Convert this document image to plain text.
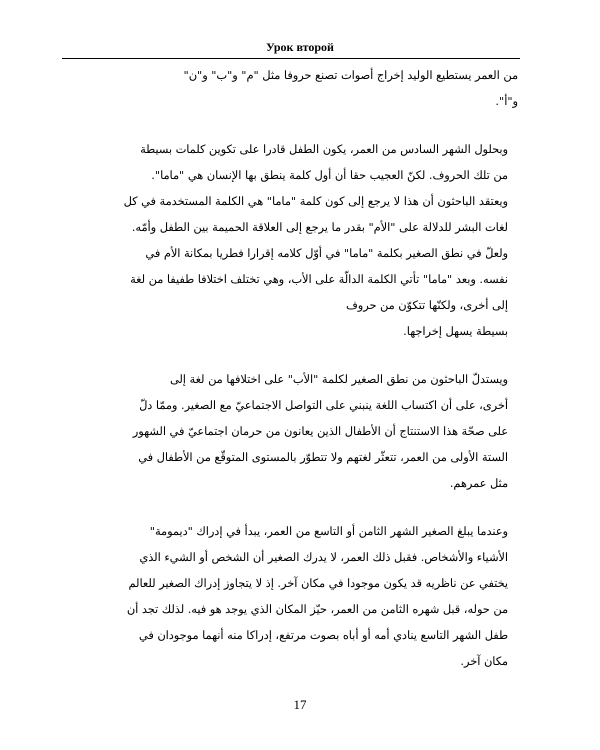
Урок второй

من العمر يستطيع الوليد إخراج أصوات تصنع حروفا مثل "م" و"ب" و"ن"
و"أ".

وبحلول الشهر السادس من العمر، يكون الطفل قادرا على تكوين كلمات بسيطة
من تلك الحروف. لكنّ العجيب حقا أن أول كلمة ينطق بها الإنسان هي "ماما".
ويعتقد الباحثون أن هذا لا يرجع إلى كون كلمة "ماما" هي الكلمة المستخدمة في كل
لغات البشر للدلالة على "الأم" بقدر ما يرجع إلى العلاقة الحميمة بين الطفل وأمّه.
ولعلّ في نطق الصغير بكلمة "ماما" في أوّل كلامه إقرارا فطريا بمكانة الأم في
نفسه. وبعد "ماما" تأتي الكلمة الدالّة على الأب، وهي تختلف اختلافا طفيفا من لغة
إلى أخرى، ولكنّها تتكوّن من حروف
بسيطة يسهل إخراجها.

ويستدلّ الباحثون من نطق الصغير لكلمة "الأب" على اختلافها من لغة إلى
أخرى، على أن اكتساب اللغة ينبني على التواصل الاجتماعيّ مع الصغير. وممّا دلّ
على صحّة هذا الاستنتاج أن الأطفال الذين يعانون من حرمان اجتماعيّ في الشهور
الستة الأولى من العمر، تتعثّر لغتهم ولا تتطوّر بالمستوى المتوقّع من الأطفال في
مثل عمرهم.

وعندما يبلغ الصغير الشهر الثامن أو التاسع من العمر، يبدأ في إدراك "ديمومة"
الأشياء والأشخاص. فقبل ذلك العمر، لا يدرك الصغير أن الشخص أو الشيء الذي
يختفي عن ناظريه قد يكون موجودا في مكان آخر. إذ لا يتجاوز إدراك الصغير للعالم
من حوله، قبل شهره الثامن من العمر، حيّز المكان الذي يوجد هو فيه. لذلك تجد أن
طفل الشهر التاسع ينادي أمه أو أباه بصوت مرتفع، إدراكا منه أنهما موجودان في
مكان آخر.

17
